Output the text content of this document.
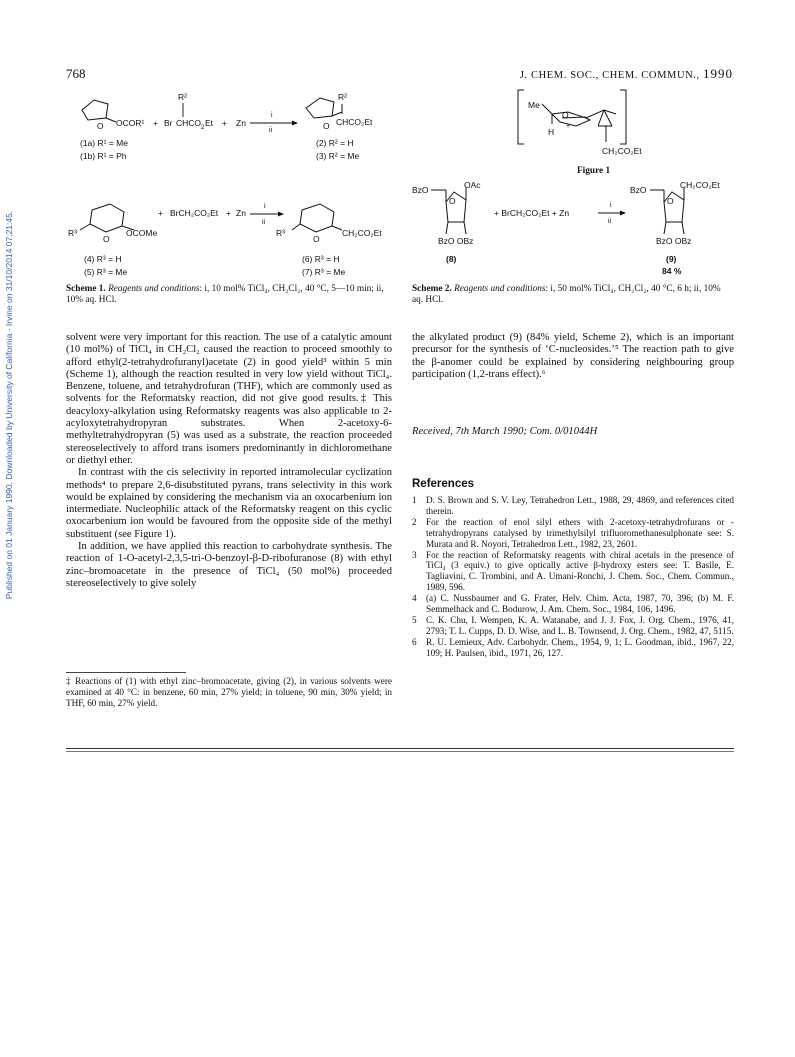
Published on 01 January 1990. Downloaded by University of California - Irvine on 31/10/2014 07:21:45.
768	J. CHEM. SOC., CHEM. COMMUN., 1990
O OCOR¹ +
R²
Br CHCO 2 Et + Zn
i
ii	O
R²
CHCO₂Et
(1a) R¹ = Me
(1b) R¹ = Ph
(2) R² = H
(3) R² = Me
R³
O
OCOMe
+ BrCH₂CO₂Et + Zn
i
ii
R³
O
CH₂CO₂Et
(4) R³ = H
(5) R³ = Me
(6) R³ = H
(7) R³ = Me
Scheme 1. Reagents and conditions: i, 10 mol% TiCl₄, CH₂Cl₂, 40 °C, 5—10 min; ii, 10% aq. HCl.
Me
O
+
H
CH₂CO₂Et
Figure 1
BzO
O
OAc
BzO OBz
+ BrCH₂CO₂Et + Zn
i
ii
BzO
O
CH₂CO₂Et
BzO OBz
(8)	(9)
84 %
Scheme 2. Reagents and conditions: i, 50 mol% TiCl₄, CH₂Cl₂, 40 °C, 6 h; ii, 10% aq. HCl.

solvent were very important for this reaction. The use of a catalytic amount (10 mol%) of TiCl₄ in CH₂Cl₂ caused the reaction to proceed smoothly to afford ethyl(2-tetrahydrofuranyl)acetate (2) in good yield³ within 5 min (Scheme 1), although the reaction resulted in very low yield without TiCl₄. Benzene, toluene, and tetrahydrofuran (THF), which are commonly used as solvents for the Reformatsky reaction, did not give good results.‡ This deacyloxy-alkylation using Reformatsky reagents was also applicable to 2-acyloxytetrahydropyran substrates. When 2-acetoxy-6-methyltetrahydropyran (5) was used as a substrate, the reaction proceeded stereoselectively to afford trans isomers predominantly in dichloromethane or diethyl ether.

In contrast with the cis selectivity in reported intramolecular cyclization methods⁴ to prepare 2,6-disubstituted pyrans, trans selectivity in this work would be explained by considering the mechanism via an oxocarbenium ion intermediate. Nucleophilic attack of the Reformatsky reagent on this cyclic oxocarbenium ion would be favoured from the opposite side of the methyl substituent (see Figure 1).

In addition, we have applied this reaction to carbohydrate synthesis. The reaction of 1-O-acetyl-2,3,5-tri-O-benzoyl-β-D-ribofuranose (8) with ethyl zinc–bromoacetate in the presence of TiCl₄ (50 mol%) proceeded stereoselectively to give solely

‡ Reactions of (1) with ethyl zinc–bromoacetate, giving (2), in various solvents were examined at 40 °C: in benzene, 60 min, 27% yield; in toluene, 90 min, 30% yield; in THF, 60 min, 27% yield.

the alkylated product (9) (84% yield, Scheme 2), which is an important precursor for the synthesis of ‘C-nucleosides.’⁵ The reaction path to give the β-anomer could be explained by considering neighbouring group participation (1,2-trans effect).⁶

Received, 7th March 1990; Com. 0/01044H
References
1 D. S. Brown and S. V. Ley, Tetrahedron Lett., 1988, 29, 4869, and references cited therein.
2 For the reaction of enol silyl ethers with 2-acetoxy-tetrahydrofurans or -tetrahydropyrans catalysed by trimethylsilyl trifluoromethanesulphonate see: S. Murata and R. Noyori, Tetrahedron Lett., 1982, 23, 2601.
3 For the reaction of Reformatsky reagents with chiral acetals in the presence of TiCl₄ (3 equiv.) to give optically active β-hydroxy esters see: T. Basile, E. Tagliavini, C. Trombini, and A. Umani-Ronchi, J. Chem. Soc., Chem. Commun., 1989, 596.
4 (a) C. Nussbaumer and G. Frater, Helv. Chim. Acta, 1987, 70, 396; (b) M. F. Semmelhack and C. Bodurow, J. Am. Chem. Soc., 1984, 106, 1496.
5 C. K. Chu, I. Wempen, K. A. Watanabe, and J. J. Fox, J. Org. Chem., 1976, 41, 2793; T. L. Cupps, D. D. Wise, and L. B. Townsend, J. Org. Chem., 1982, 47, 5115.
6 R. U. Lemieux, Adv. Carbohydr. Chem., 1954, 9, 1; L. Goodman, ibid., 1967, 22, 109; H. Paulsen, ibid., 1971, 26, 127.
